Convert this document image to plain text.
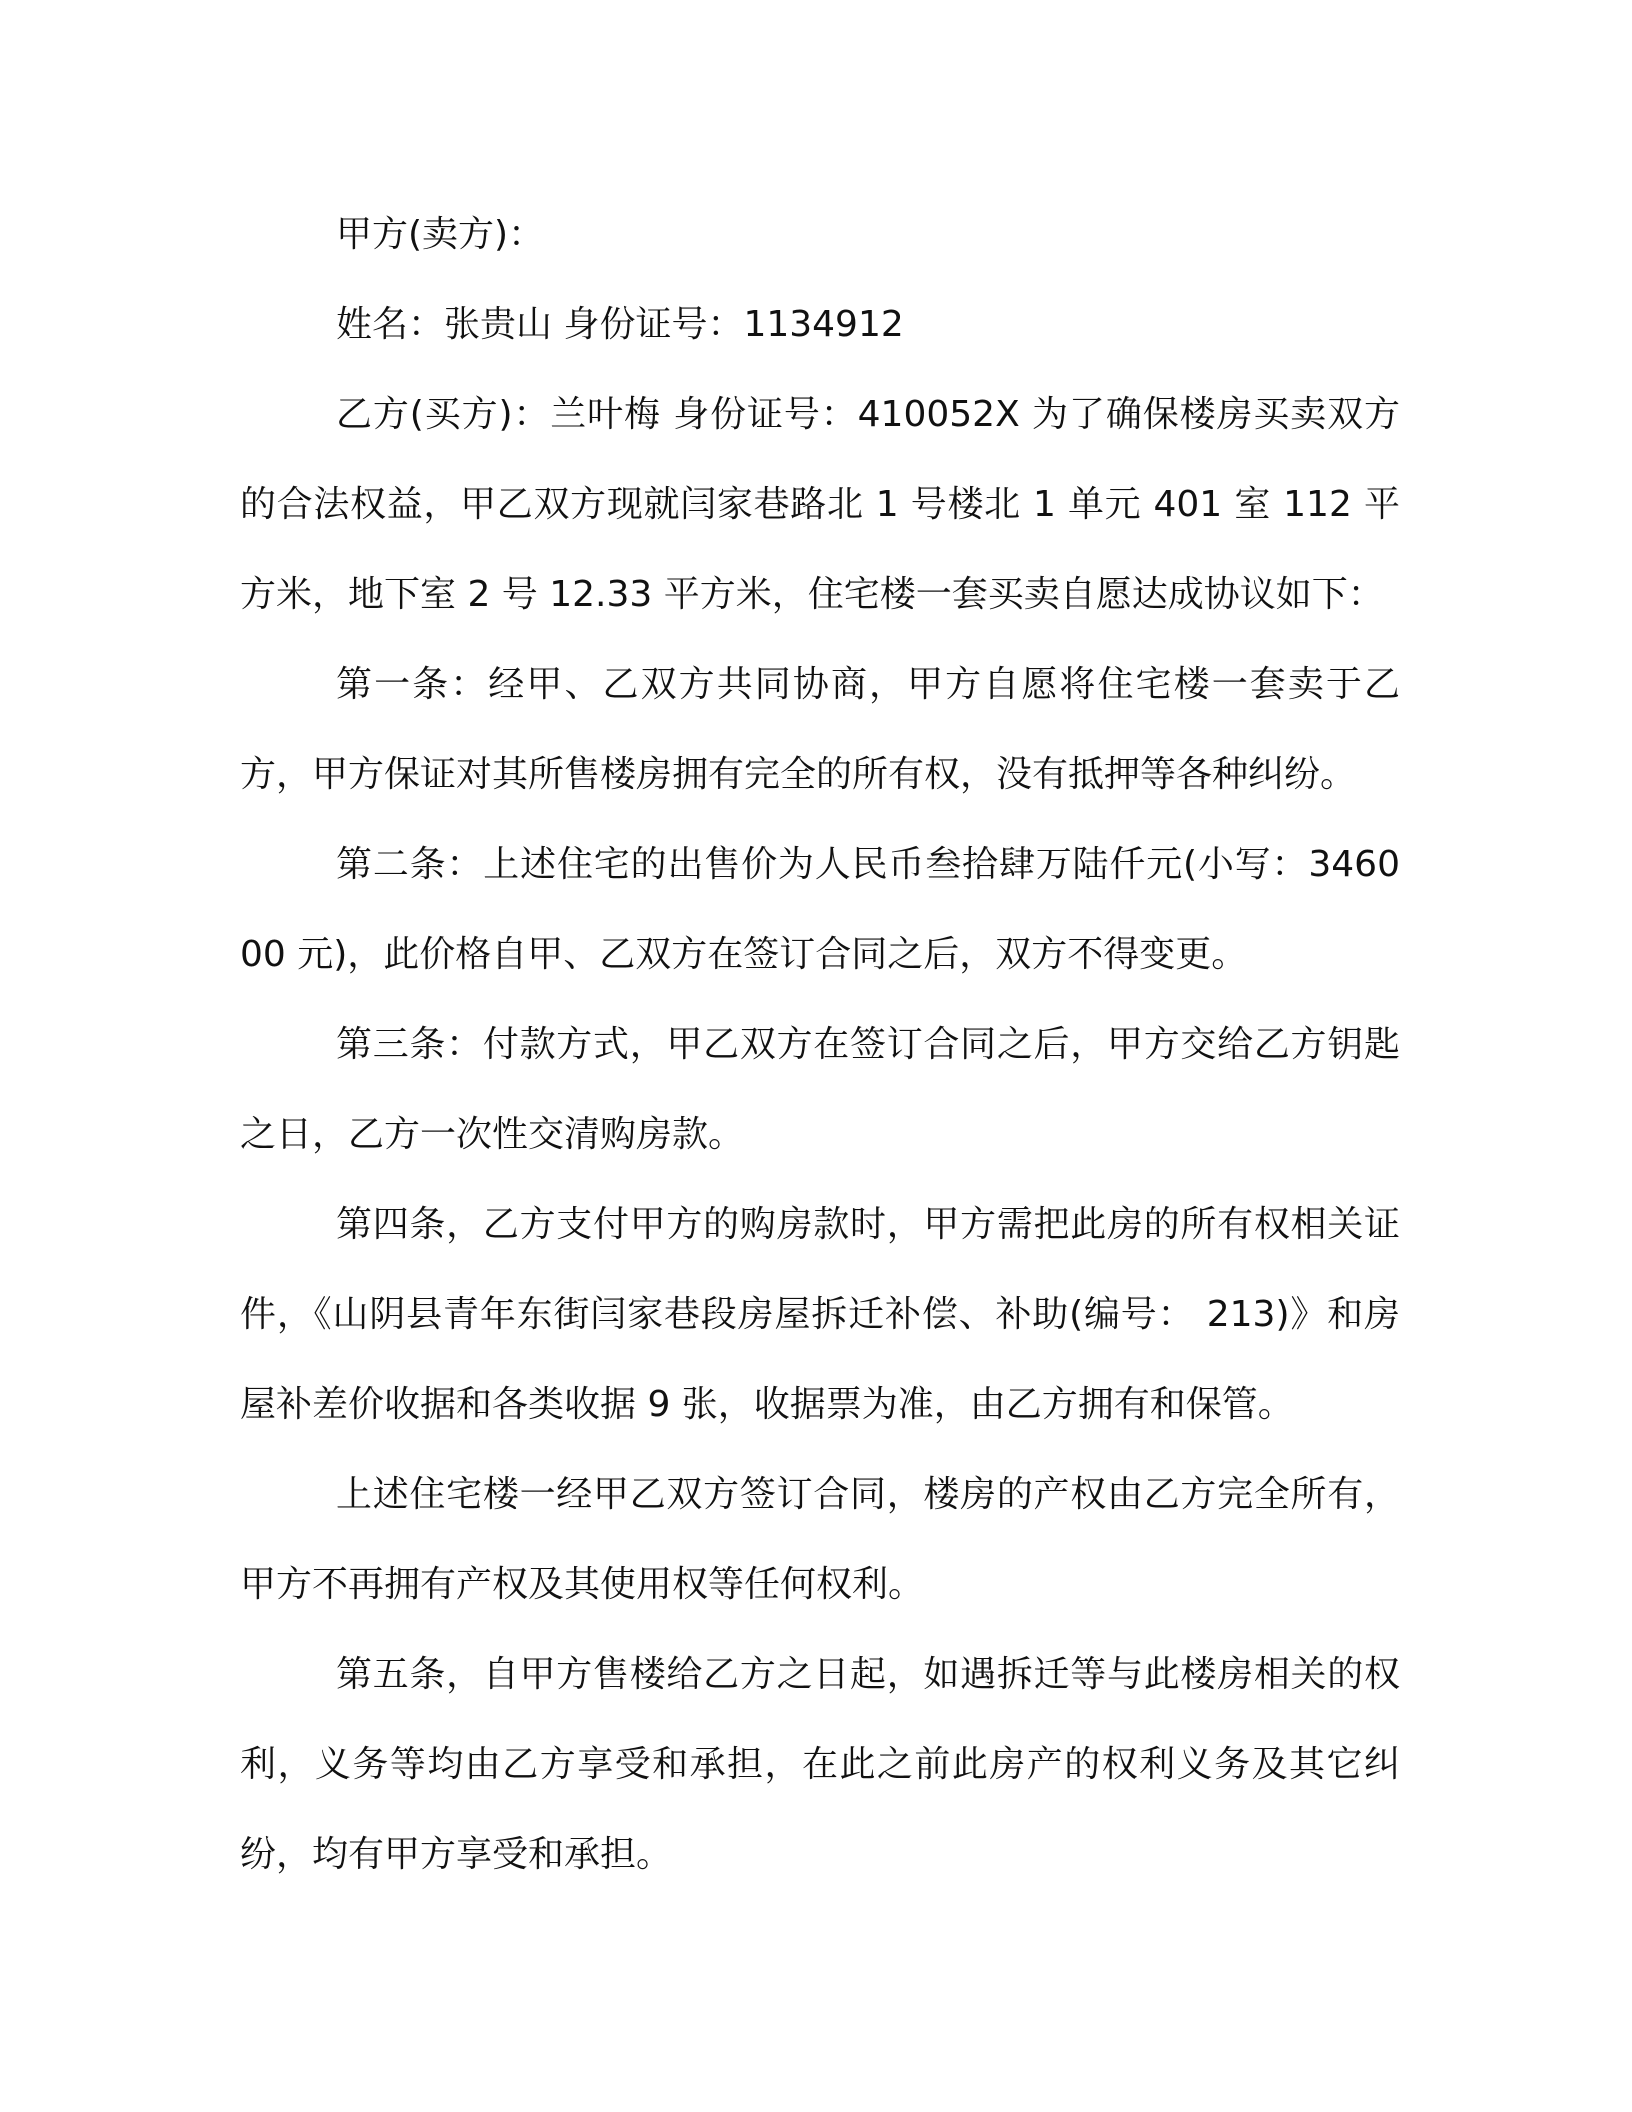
甲方(卖方)：

姓名：张贵山 身份证号：1134912

乙方(买方)：兰叶梅 身份证号：410052X 为了确保楼房买卖双方的合法权益，甲乙双方现就闫家巷路北 1 号楼北 1 单元 401 室 112 平方米，地下室 2 号 12.33 平方米，住宅楼一套买卖自愿达成协议如下：

第一条：经甲、乙双方共同协商，甲方自愿将住宅楼一套卖于乙方，甲方保证对其所售楼房拥有完全的所有权，没有抵押等各种纠纷。

第二条：上述住宅的出售价为人民币叁拾肆万陆仟元(小写：346000 元)，此价格自甲、乙双方在签订合同之后，双方不得变更。

第三条：付款方式，甲乙双方在签订合同之后，甲方交给乙方钥匙之日，乙方一次性交清购房款。

第四条，乙方支付甲方的购房款时，甲方需把此房的所有权相关证件，《山阴县青年东街闫家巷段房屋拆迁补偿、补助(编号： 213)》和房屋补差价收据和各类收据 9 张，收据票为准，由乙方拥有和保管。

上述住宅楼一经甲乙双方签订合同，楼房的产权由乙方完全所有，甲方不再拥有产权及其使用权等任何权利。

第五条，自甲方售楼给乙方之日起，如遇拆迁等与此楼房相关的权利，义务等均由乙方享受和承担，在此之前此房产的权利义务及其它纠纷，均有甲方享受和承担。
